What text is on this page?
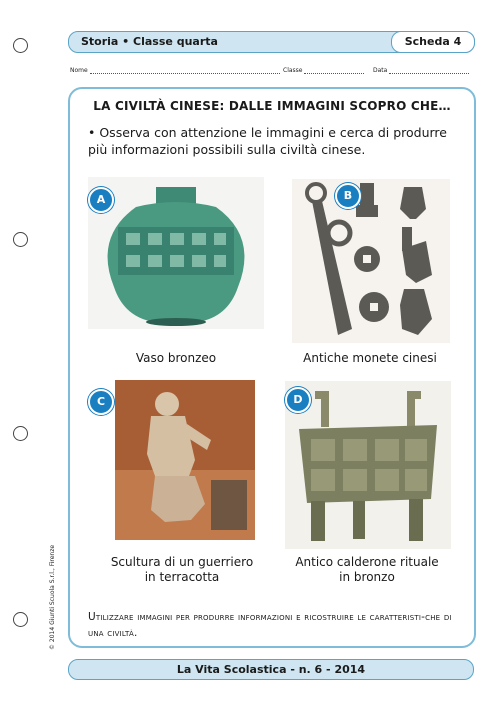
Storia • Classe quarta	Scheda 4
Nome	Classe	Data
© 2014 Giunti Scuola S.r.l., Firenze
LA CIVILTÀ CINESE: DALLE IMMAGINI SCOPRO CHE…
• Osserva con attenzione le immagini e cerca di produrre più informazioni possibili sulla civiltà cinese.
A
Vaso bronzeo
B
Antiche monete cinesi
C
Scultura di un guerriero
in terracotta
D
Antico calderone rituale
in bronzo
Utilizzare immagini per produrre informazioni e ricostruire le caratteristi-che di una civiltà.
La Vita Scolastica - n. 6 - 2014
